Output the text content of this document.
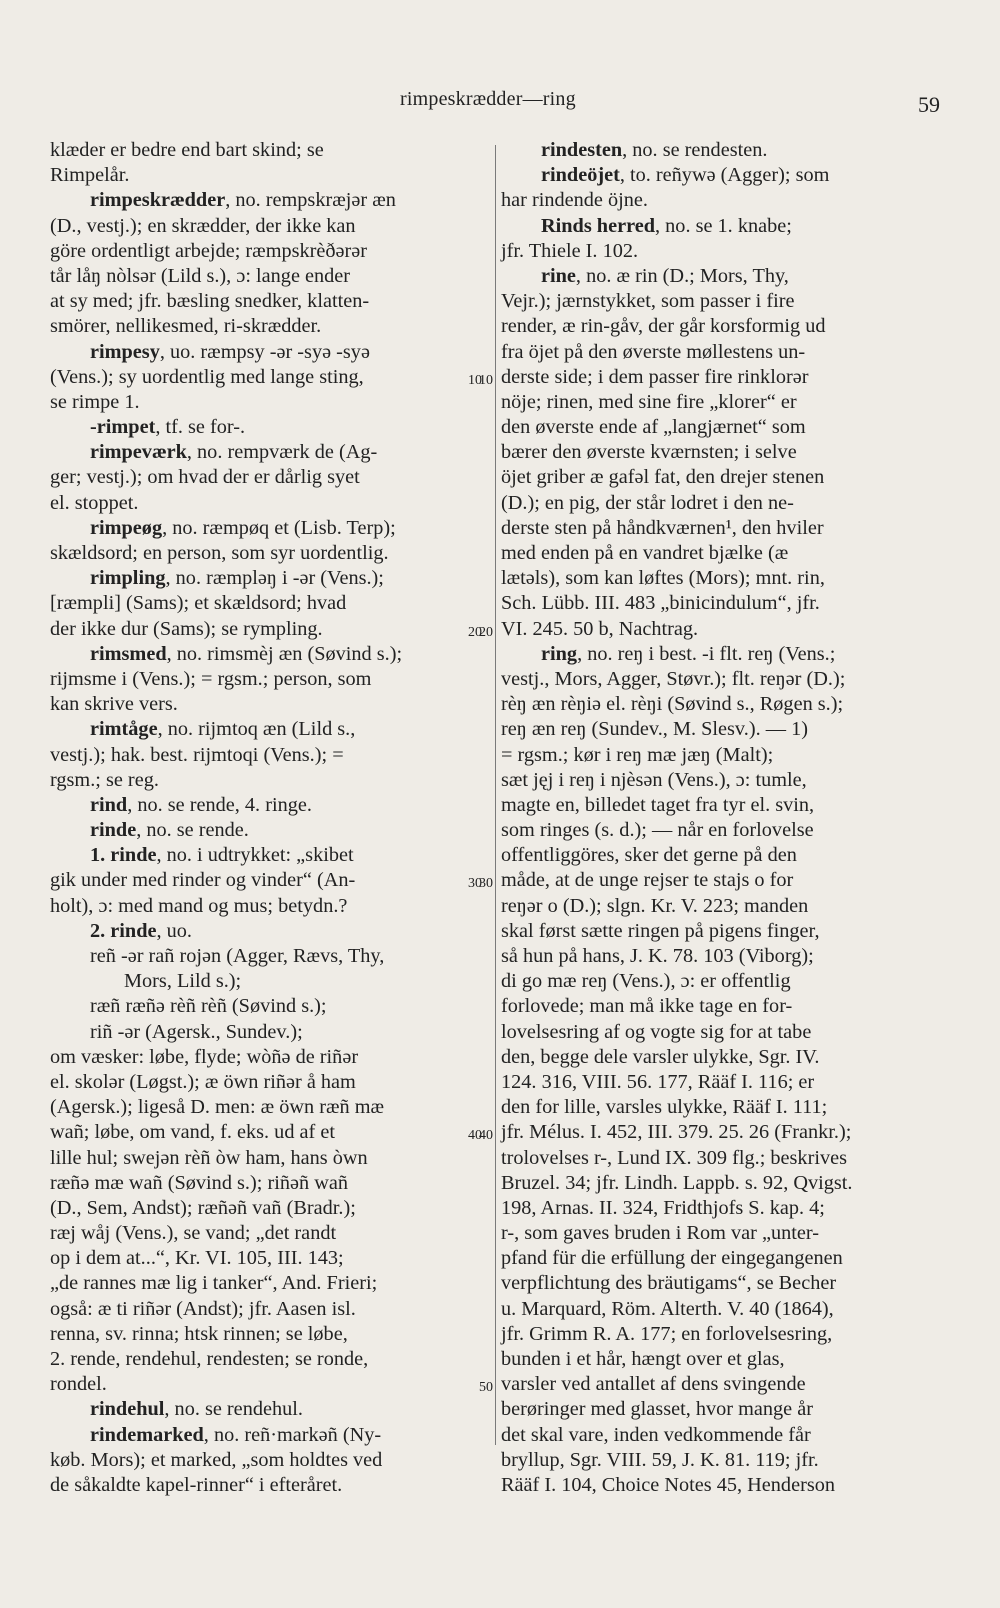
rimpeskrædder—ring	59
klæder er bedre end bart skind; se
Rimpelår.
rimpeskrædder, no. rempskræjər æn
(D., vestj.); en skrædder, der ikke kan
göre ordentligt arbejde; ræmpskrèðərər
tår låŋ nòlsər (Lild s.), ɔ: lange ender
at sy med; jfr. bæsling snedker, klatten-
smörer, nellikesmed, ri-skrædder.
rimpesy, uo. ræmpsy -ər -syə -syə
(Vens.); sy uordentlig med lange sting,	10
se rimpe 1.
-rimpet, tf. se for-.
rimpeværk, no. rempværk de (Ag-
ger; vestj.); om hvad der er dårlig syet
el. stoppet.
rimpeøg, no. ræmpøq et (Lisb. Terp);
skældsord; en person, som syr uordentlig.
rimpling, no. ræmpləŋ i -ər (Vens.);
[ræmpli] (Sams); et skældsord; hvad
der ikke dur (Sams); se rympling.	20
rimsmed, no. rimsmèj æn (Søvind s.);
rijmsme i (Vens.); = rgsm.; person, som
kan skrive vers.
rimtåge, no. rijmtoq æn (Lild s.,
vestj.); hak. best. rijmtoqi (Vens.); =
rgsm.; se reg.
rind, no. se rende, 4. ringe.
rinde, no. se rende.
1. rinde, no. i udtrykket: „skibet
gik under med rinder og vinder“ (An-	30
holt), ɔ: med mand og mus; betydn.?
2. rinde, uo.
reñ -ər rañ rojən (Agger, Rævs, Thy,
Mors, Lild s.);
ræñ ræñə rèñ rèñ (Søvind s.);
riñ -ər (Agersk., Sundev.);
om væsker: løbe, flyde; wòñə de riñər
el. skolər (Løgst.); æ öwn riñər å ham
(Agersk.); ligeså D. men: æ öwn ræñ mæ
wañ; løbe, om vand, f. eks. ud af et	40
lille hul; swejən rèñ òw ham, hans òwn
ræñə mæ wañ (Søvind s.); riñəñ wañ
(D., Sem, Andst); ræñəñ vañ (Bradr.);
ræj wåj (Vens.), se vand; „det randt
op i dem at...“, Kr. VI. 105, III. 143;
„de rannes mæ lig i tanker“, And. Frieri;
også: æ ti riñər (Andst); jfr. Aasen isl.
renna, sv. rinna; htsk rinnen; se løbe,
2. rende, rendehul, rendesten; se ronde,
rondel.
rindehul, no. se rendehul.
rindemarked, no. reñ·markəñ (Ny-
køb. Mors); et marked, „som holdtes ved
de såkaldte kapel-rinner“ i efteråret.
rindesten, no. se rendesten.
rindeöjet, to. reñywə (Agger); som
har rindende öjne.
Rinds herred, no. se 1. knabe;
jfr. Thiele I. 102.
rine, no. æ rin (D.; Mors, Thy,
Vejr.); jærnstykket, som passer i fire
render, æ rin-gåv, der går korsformig ud
fra öjet på den øverste møllestens un-
derste side; i dem passer fire rinklorər
10
nöje; rinen, med sine fire „klorer“ er
den øverste ende af „langjærnet“ som
bærer den øverste kværnsten; i selve
öjet griber æ gafəl fat, den drejer stenen
(D.); en pig, der står lodret i den ne-
derste sten på håndkværnen¹, den hviler
med enden på en vandret bjælke (æ
lætəls), som kan løftes (Mors); mnt. rin,
Sch. Lübb. III. 483 „binicindulum“, jfr.
VI. 245. 50 b, Nachtrag.
20
ring, no. reŋ i best. -i flt. reŋ (Vens.;
vestj., Mors, Agger, Støvr.); flt. reŋər (D.);
rèŋ æn rèŋiə el. rèŋi (Søvind s., Røgen s.);
reŋ æn reŋ (Sundev., M. Slesv.). — 1)
= rgsm.; kør i reŋ mæ jæŋ (Malt);
sæt jęj i reŋ i njèsən (Vens.), ɔ: tumle,
magte en, billedet taget fra tyr el. svin,
som ringes (s. d.); — når en forlovelse
offentliggöres, sker det gerne på den
måde, at de unge rejser te stajs o for
30
reŋər o (D.); slgn. Kr. V. 223; manden
skal først sætte ringen på pigens finger,
så hun på hans, J. K. 78. 103 (Viborg);
di go mæ reŋ (Vens.), ɔ: er offentlig
forlovede; man må ikke tage en for-
lovelsesring af og vogte sig for at tabe
den, begge dele varsler ulykke, Sgr. IV.
124. 316, VIII. 56. 177, Rääf I. 116; er
den for lille, varsles ulykke, Rääf I. 111;
jfr. Mélus. I. 452, III. 379. 25. 26 (Frankr.);
40
trolovelses r-, Lund IX. 309 flg.; beskrives
Bruzel. 34; jfr. Lindh. Lappb. s. 92, Qvigst.
198, Arnas. II. 324, Fridthjofs S. kap. 4;
r-, som gaves bruden i Rom var „unter-
pfand für die erfüllung der eingegangenen
verpflichtung des bräutigams“, se Becher
u. Marquard, Röm. Alterth. V. 40 (1864),
jfr. Grimm R. A. 177; en forlovelsesring,
bunden i et hår, hængt over et glas,
varsler ved antallet af dens svingende
50
berøringer med glasset, hvor mange år
det skal vare, inden vedkommende får
bryllup, Sgr. VIII. 59, J. K. 81. 119; jfr.
Rääf I. 104, Choice Notes 45, Henderson
